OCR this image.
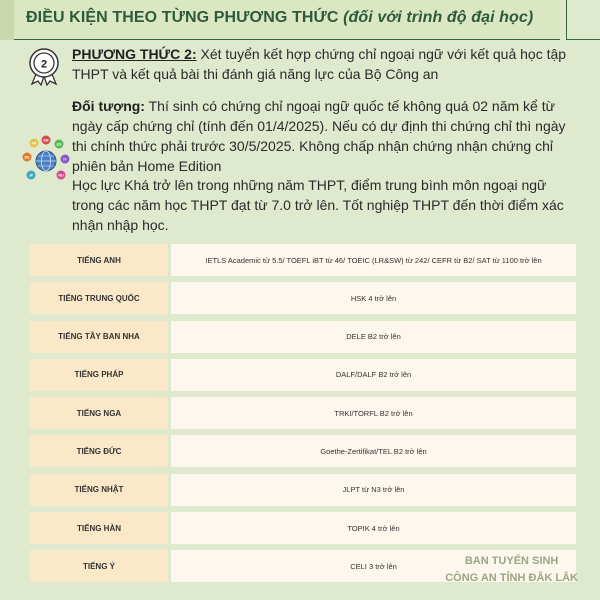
ĐIỀU KIỆN THEO TỪNG PHƯƠNG THỨC (đối với trình độ đại học)
2
PHƯƠNG THỨC 2: Xét tuyển kết hợp chứng chỉ ngoại ngữ với kết quả học tập THPT và kết quả bài thi đánh giá năng lực của Bộ Công an
FR
EN
ES
DE	IT
JP	RU
Đối tượng: Thí sinh có chứng chỉ ngoại ngữ quốc tế không quá 02 năm kể từ ngày cấp chứng chỉ (tính đến 01/4/2025). Nếu có dự định thi chứng chỉ thì ngày thi chính thức phải trước 30/5/2025. Không chấp nhận chứng nhận chứng chỉ phiên bản Home Edition
Học lực Khá trở lên trong những năm THPT, điểm trung bình môn ngoại ngữ trong các năm học THPT đạt từ 7.0 trở lên. Tốt nghiệp THPT đến thời điểm xác nhận nhập học.
TIẾNG ANH	IETLS Academic từ 5.5/ TOEFL iBT từ 46/ TOEIC (LR&SW) từ 242/ CEFR từ B2/ SAT từ 1100 trở lên
TIẾNG TRUNG QUỐC	HSK 4 trở lên
TIẾNG TÂY BAN NHA	DELE B2 trở lên
TIẾNG PHÁP	DALF/DALF B2 trở lên
TIẾNG NGA	TRKI/TORFL B2 trở lên
TIẾNG ĐỨC	Goethe-Zertifikat/TEL B2 trở lên
TIẾNG NHẬT	JLPT từ N3 trở lên
TIẾNG HÀN	TOPIK 4 trở lên
TIẾNG Ý	CELI 3 trở lên	BAN TUYỂN SINH
CÔNG AN TỈNH ĐẮK LẮK
